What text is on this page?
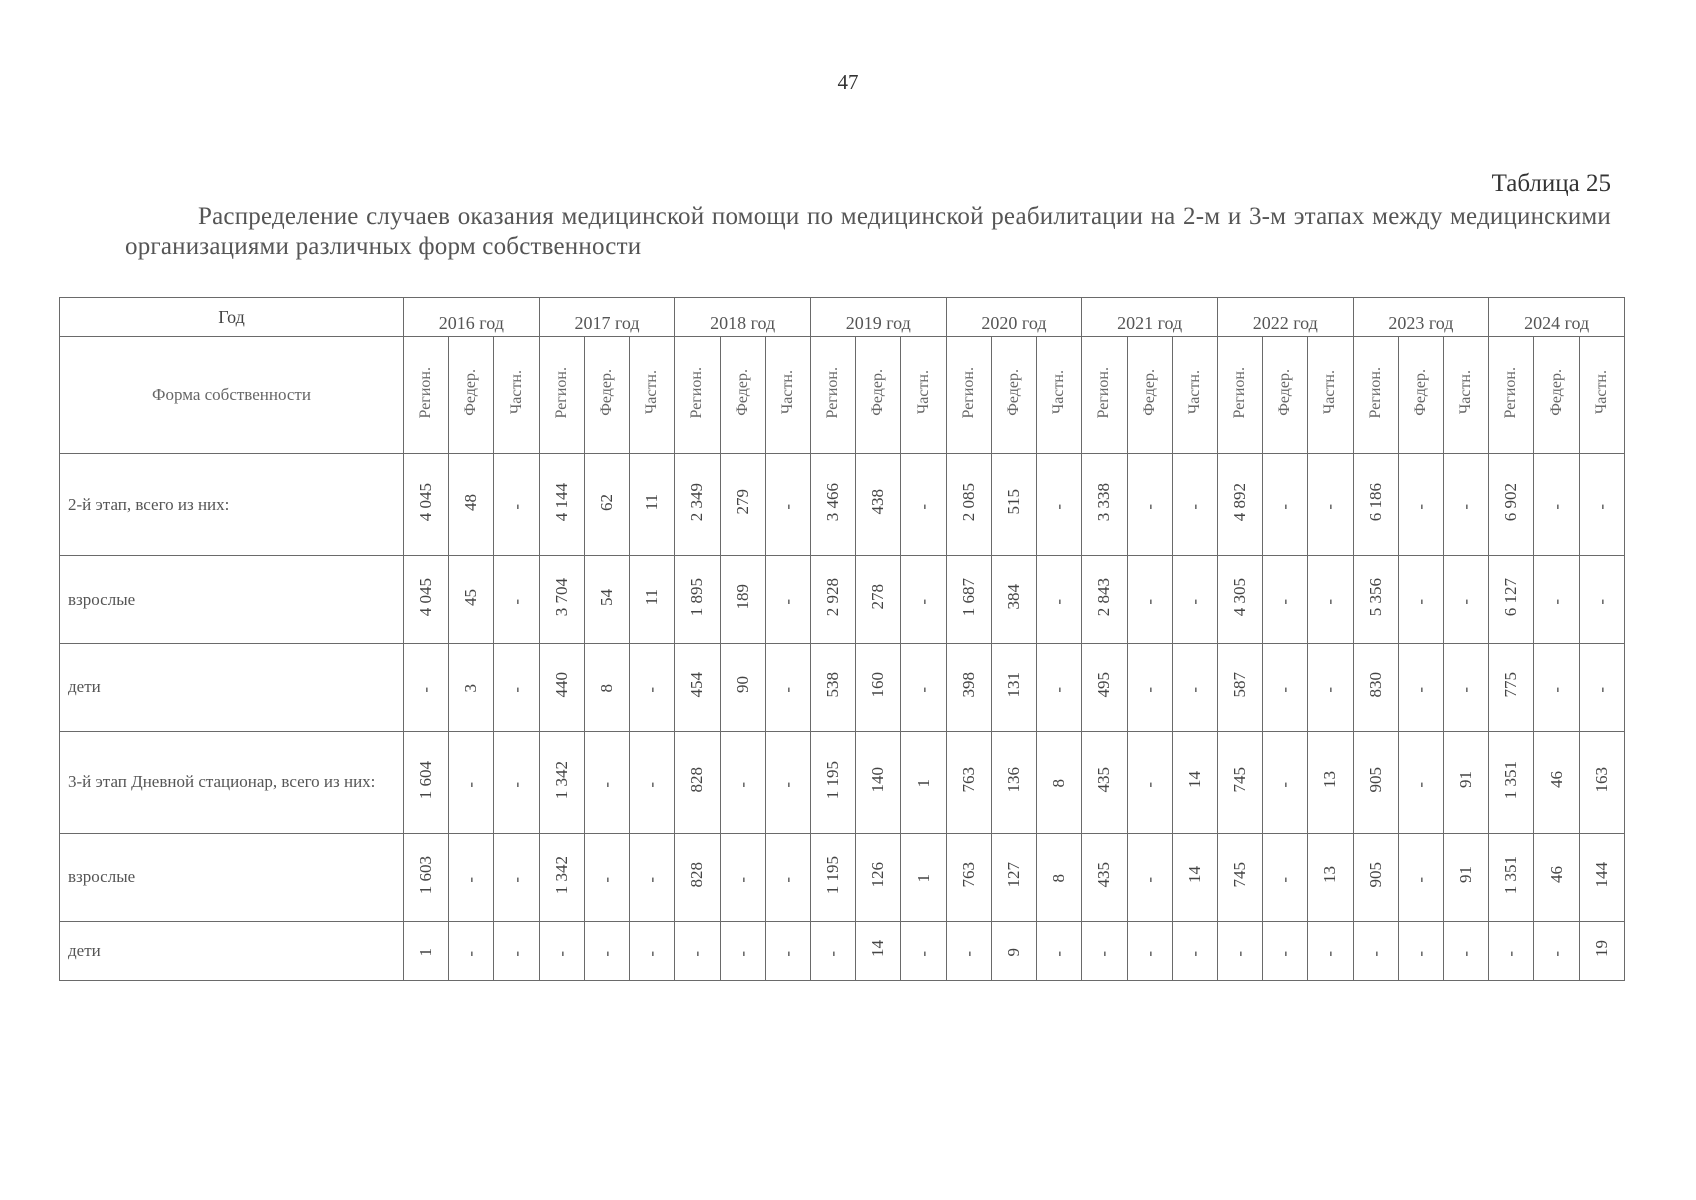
47
Таблица 25
Распределение случаев оказания медицинской помощи по медицинской реабилитации на 2-м и 3-м этапах между медицинскими организациями различных форм собственности
Год	2016 год			2017 год			2018 год			2019 год			2020 год			2021 год			2022 год			2023 год			2024 год		
Форма собственности	Регион.	Федер.	Частн.	Регион.	Федер.	Частн.	Регион.	Федер.	Частн.	Регион.	Федер.	Частн.	Регион.	Федер.	Частн.	Регион.	Федер.	Частн.	Регион.	Федер.	Частн.	Регион.	Федер.	Частн.	Регион.	Федер.	Частн.
2-й этап, всего из них:	4 045	48	-	4 144	62	11	2 349	279	-	3 466	438	-	2 085	515	-	3 338	-	-	4 892	-	-	6 186	-	-	6 902	-	-
взрослые	4 045	45	-	3 704	54	11	1 895	189	-	2 928	278	-	1 687	384	-	2 843	-	-	4 305	-	-	5 356	-	-	6 127	-	-
дети	-	3	-	440	8	-	454	90	-	538	160	-	398	131	-	495	-	-	587	-	-	830	-	-	775	-	-
3-й этап Дневной стационар, всего из них:	1 604	-	-	1 342	-	-	828	-	-	1 195	140	1	763	136	8	435	-	14	745	-	13	905	-	91	1 351	46	163
взрослые	1 603	-	-	1 342	-	-	828	-	-	1 195	126	1	763	127	8	435	-	14	745	-	13	905	-	91	1 351	46	144
дети	1	-	-	-	-	-	-	-	-	-	14	-	-	9	-	-	-	-	-	-	-	-	-	-	-	-	19
